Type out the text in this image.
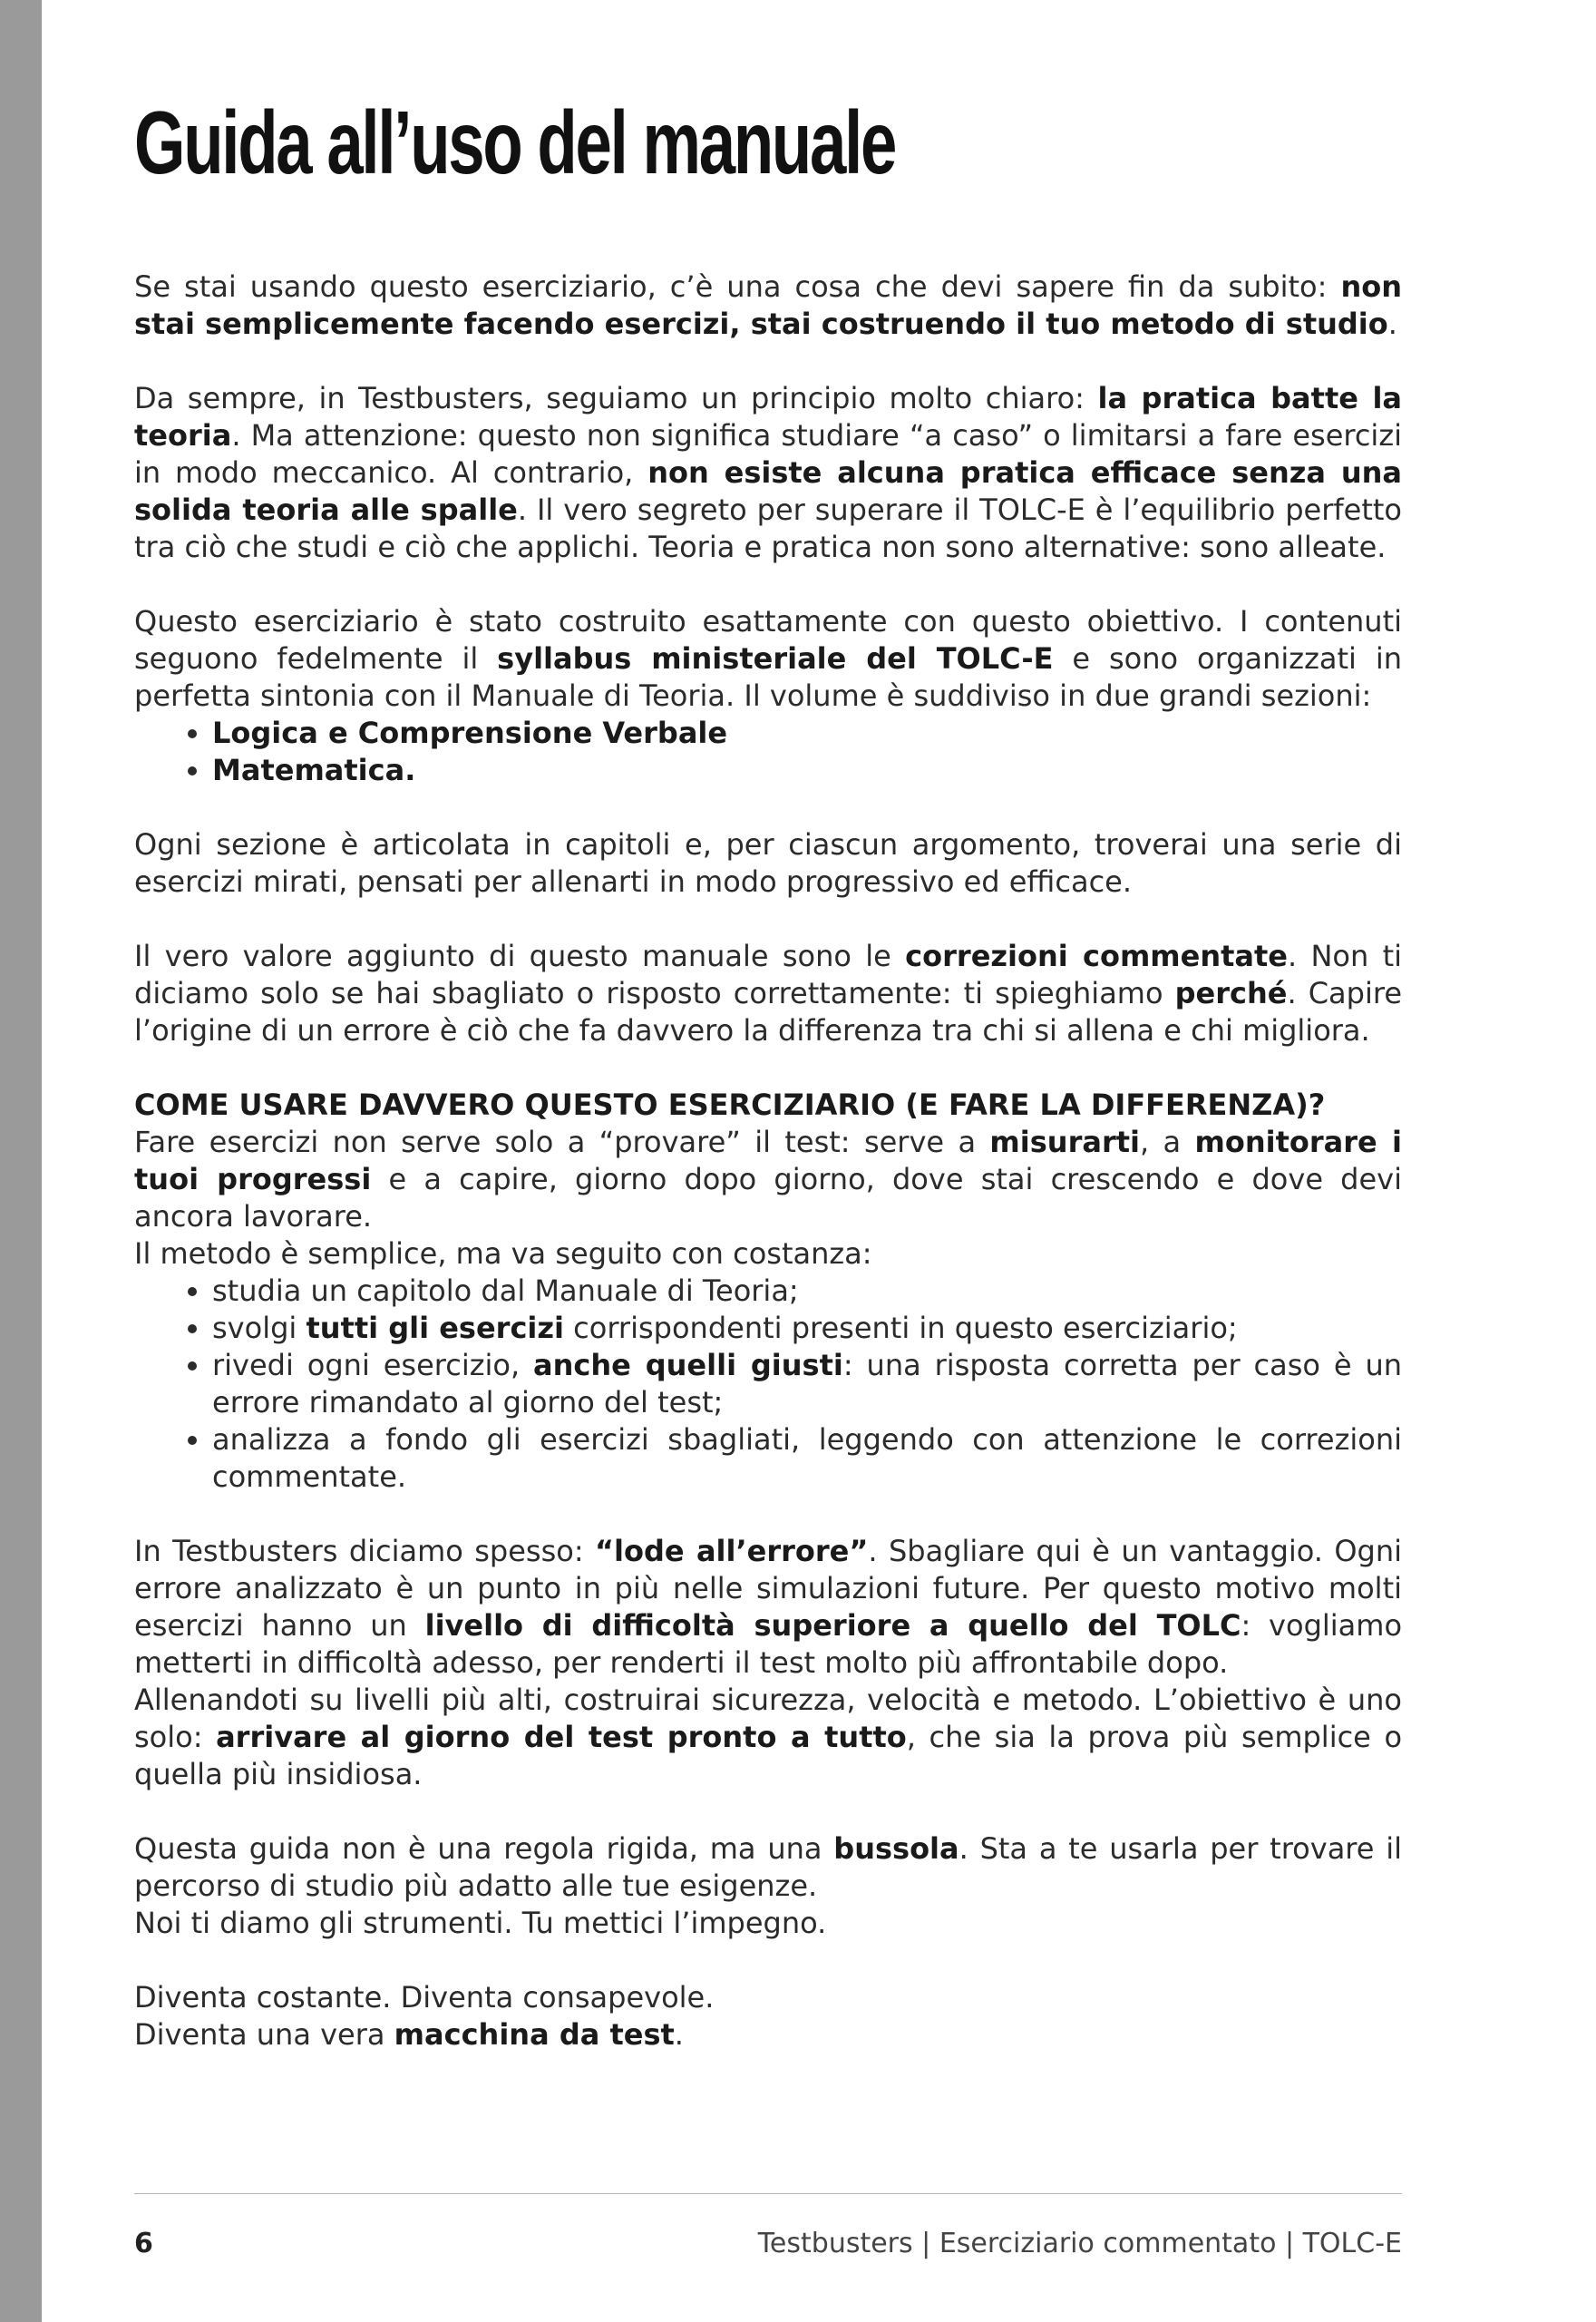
Guida all’uso del manuale

Se stai usando questo eserciziario, c’è una cosa che devi sapere fin da subito: non stai semplicemente facendo esercizi, stai costruendo il tuo metodo di studio.

Da sempre, in Testbusters, seguiamo un principio molto chiaro: la pratica batte la teoria. Ma attenzione: questo non significa studiare “a caso” o limitarsi a fare esercizi in modo meccanico. Al contrario, non esiste alcuna pratica efficace senza una solida teoria alle spalle. Il vero segreto per superare il TOLC-E è l’equilibrio perfetto tra ciò che studi e ciò che applichi. Teoria e pratica non sono alternative: sono alleate.

Questo eserciziario è stato costruito esattamente con questo obiettivo. I contenuti seguono fedelmente il syllabus ministeriale del TOLC-E e sono organizzati in perfetta sintonia con il Manuale di Teoria. Il volume è suddiviso in due grandi sezioni:

• Logica e Comprensione Verbale
• Matematica.

Ogni sezione è articolata in capitoli e, per ciascun argomento, troverai una serie di esercizi mirati, pensati per allenarti in modo progressivo ed efficace.

Il vero valore aggiunto di questo manuale sono le correzioni commentate. Non ti diciamo solo se hai sbagliato o risposto correttamente: ti spieghiamo perché. Capire l’origine di un errore è ciò che fa davvero la differenza tra chi si allena e chi migliora.

COME USARE DAVVERO QUESTO ESERCIZIARIO (E FARE LA DIFFERENZA)?
Fare esercizi non serve solo a “provare” il test: serve a misurarti, a monitorare i tuoi progressi e a capire, giorno dopo giorno, dove stai crescendo e dove devi ancora lavorare.
Il metodo è semplice, ma va seguito con costanza:

• studia un capitolo dal Manuale di Teoria;
• svolgi tutti gli esercizi corrispondenti presenti in questo eserciziario;
• rivedi ogni esercizio, anche quelli giusti: una risposta corretta per caso è un errore rimandato al giorno del test;
• analizza a fondo gli esercizi sbagliati, leggendo con attenzione le correzioni commentate.

In Testbusters diciamo spesso: “lode all’errore”. Sbagliare qui è un vantaggio. Ogni errore analizzato è un punto in più nelle simulazioni future. Per questo motivo molti esercizi hanno un livello di difficoltà superiore a quello del TOLC: vogliamo metterti in difficoltà adesso, per renderti il test molto più affrontabile dopo.

Allenandoti su livelli più alti, costruirai sicurezza, velocità e metodo. L’obiettivo è uno solo: arrivare al giorno del test pronto a tutto, che sia la prova più semplice o quella più insidiosa.

Questa guida non è una regola rigida, ma una bussola. Sta a te usarla per trovare il percorso di studio più adatto alle tue esigenze.
Noi ti diamo gli strumenti. Tu mettici l’impegno.

Diventa costante. Diventa consapevole.
Diventa una vera macchina da test.

6	Testbusters | Eserciziario commentato | TOLC-E
